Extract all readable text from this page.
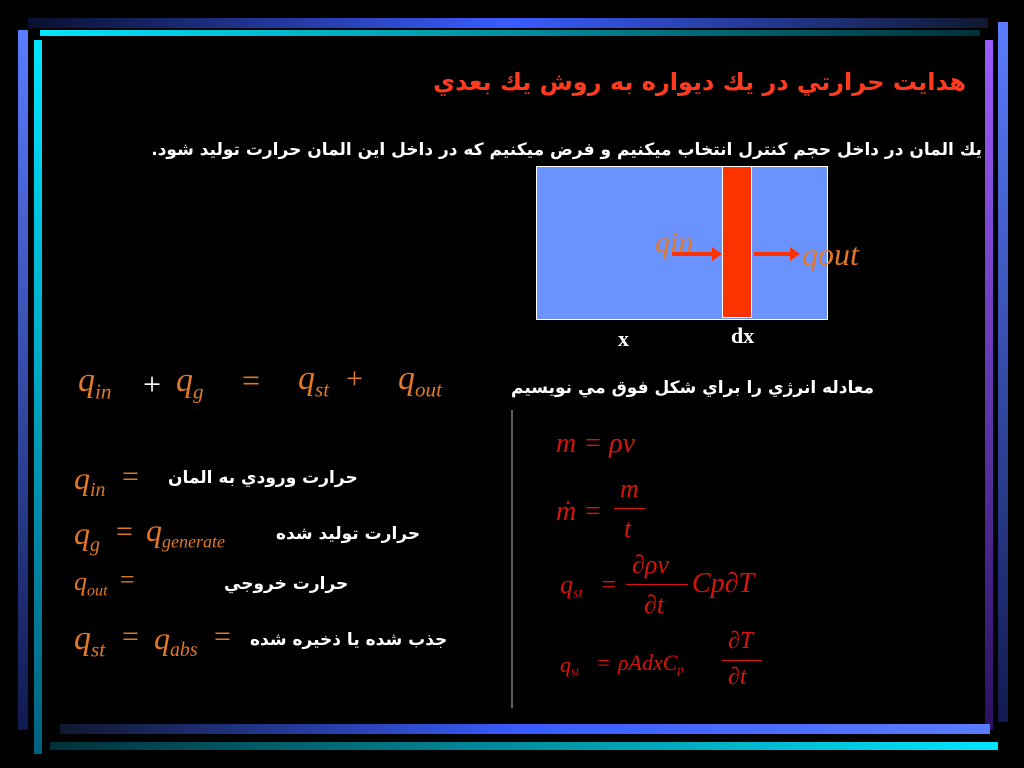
هدايت حرارتي در يك ديواره به روش يك بعدي
يك المان در داخل حجم كنترل انتخاب ميكنيم و فرض ميكنيم كه در داخل اين المان حرارت توليد شود.
qin	qout
x	dx
$q_{in} + q_g = q_{st} + q_{out}$	معادله انرژي را براي شكل فوق مي نويسيم
$q_{in}$ = حرارت ورودي به المان
$q_g = q_{generate}$	حرارت توليد شده
$q_{out}$ =	حرارت خروجي
$q_{st} = q_{abs}$ = جذب شده يا ذخيره شده
m = ρv
ṁ =
m
t
$q_{st}$ =
∂ρv
∂t
Cp∂T
$q_{st}$ = ρAdxC$_p$
∂T
∂t
